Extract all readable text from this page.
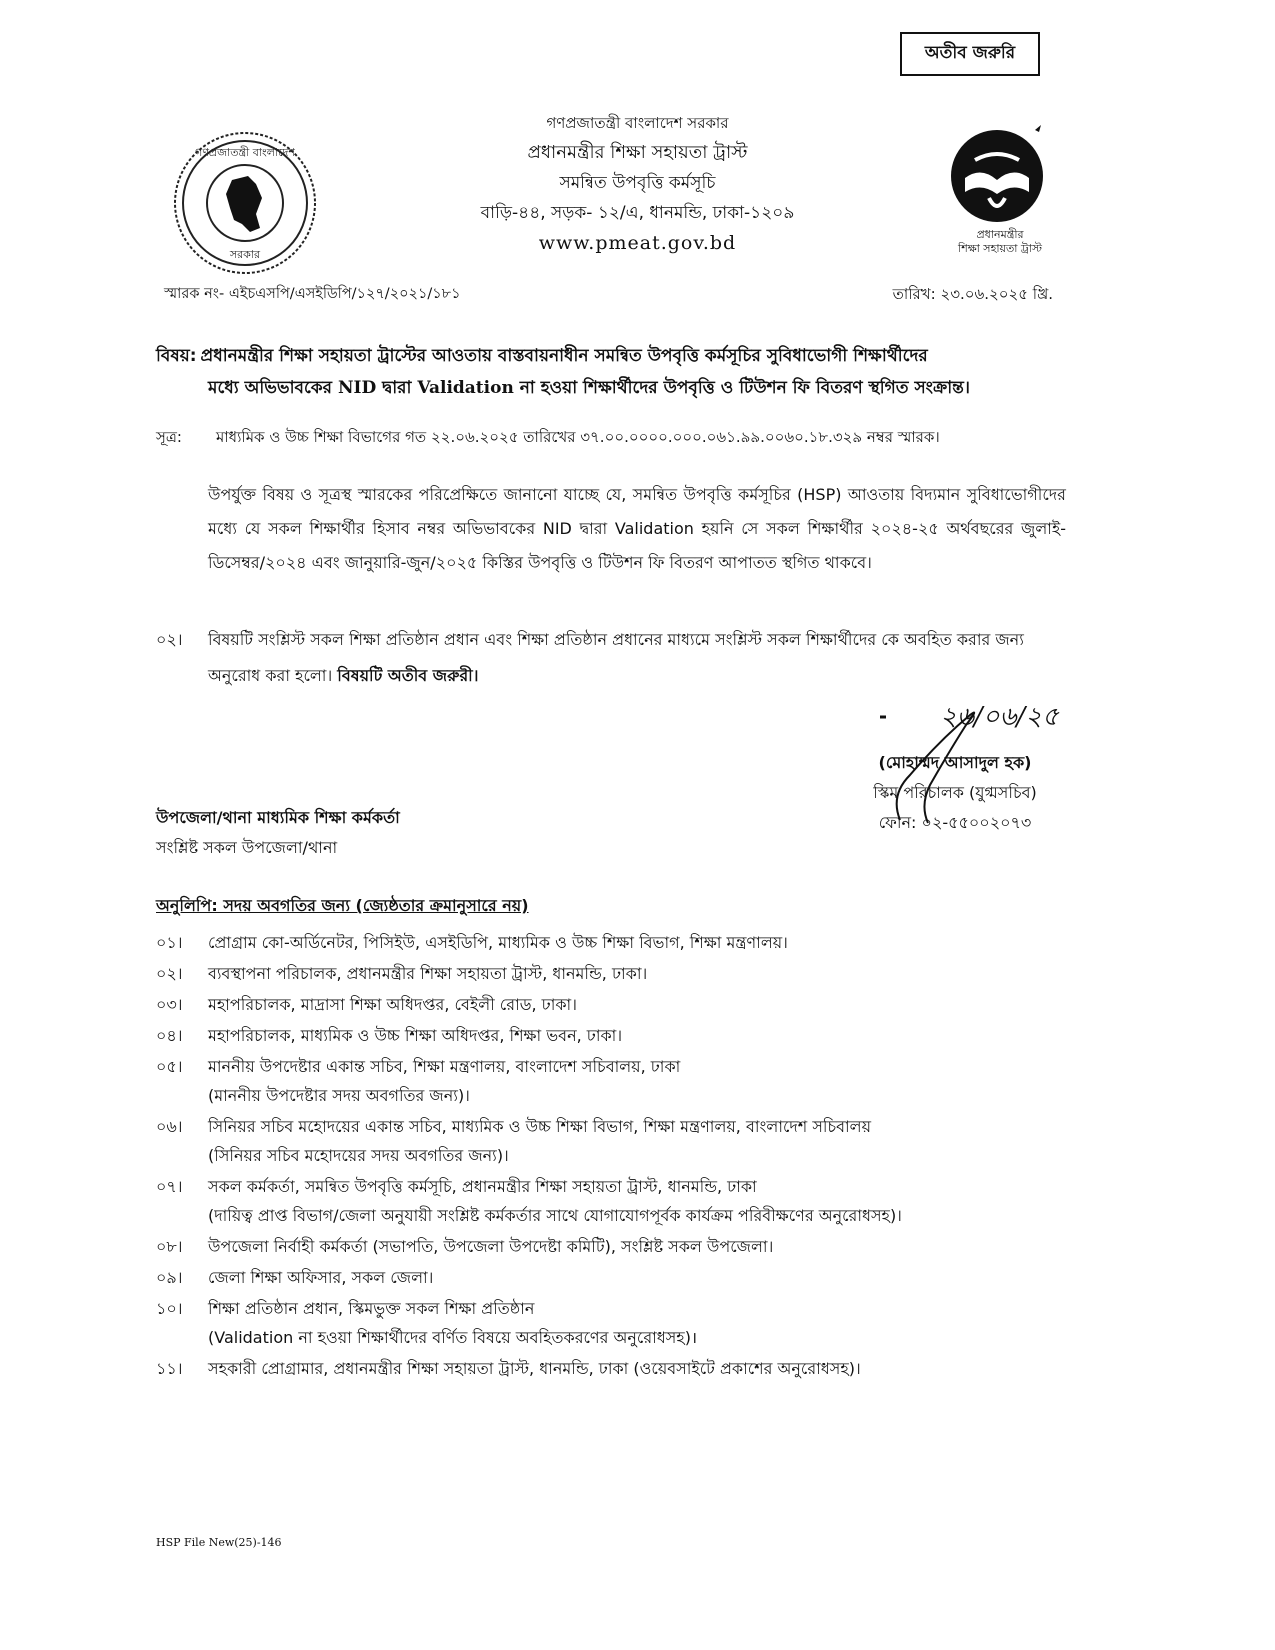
অতীব জরুরি
গণপ্রজাতন্ত্রী বাংলাদেশ
সরকার
গণপ্রজাতন্ত্রী বাংলাদেশ সরকার
প্রধানমন্ত্রীর শিক্ষা সহায়তা ট্রাস্ট
সমন্বিত উপবৃত্তি কর্মসূচি
বাড়ি-৪৪, সড়ক- ১২/এ, ধানমন্ডি, ঢাকা-১২০৯
www.pmeat.gov.bd	প্রধানমন্ত্রীর
শিক্ষা সহায়তা ট্রাস্ট
স্মারক নং- এইচএসপি/এসইডিপি/১২৭/২০২১/১৮১	তারিখ: ২৩.০৬.২০২৫ খ্রি.
বিষয়: প্রধানমন্ত্রীর শিক্ষা সহায়তা ট্রাস্টের আওতায় বাস্তবায়নাধীন সমন্বিত উপবৃত্তি কর্মসূচির সুবিধাভোগী শিক্ষার্থীদের
মধ্যে অভিভাবকের NID দ্বারা Validation না হওয়া শিক্ষার্থীদের উপবৃত্তি ও টিউশন ফি বিতরণ স্থগিত সংক্রান্ত।
সূত্র: মাধ্যমিক ও উচ্চ শিক্ষা বিভাগের গত ২২.০৬.২০২৫ তারিখের ৩৭.০০.০০০০.০০০.০৬১.৯৯.০০৬০.১৮.৩২৯ নম্বর স্মারক।
উপর্যুক্ত বিষয় ও সূত্রস্থ স্মারকের পরিপ্রেক্ষিতে জানানো যাচ্ছে যে, সমন্বিত উপবৃত্তি কর্মসূচির (HSP) আওতায় বিদ্যমান সুবিধাভোগীদের মধ্যে যে সকল শিক্ষার্থীর হিসাব নম্বর অভিভাবকের NID দ্বারা Validation হয়নি সে সকল শিক্ষার্থীর ২০২৪-২৫ অর্থবছরের জুলাই-ডিসেম্বর/২০২৪ এবং জানুয়ারি-জুন/২০২৫ কিস্তির উপবৃত্তি ও টিউশন ফি বিতরণ আপাতত স্থগিত থাকবে।
০২। বিষয়টি সংশ্লিস্ট সকল শিক্ষা প্রতিষ্ঠান প্রধান এবং শিক্ষা প্রতিষ্ঠান প্রধানের মাধ্যমে সংশ্লিস্ট সকল শিক্ষার্থীদের কে অবহিত করার জন্য অনুরোধ করা হলো। বিষয়টি অতীব জরুরী।
২৬/০৬/২৫
(মোহাম্মদ আসাদুল হক)
স্কিম পরিচালক (যুগ্মসচিব)
ফোন: ০২-৫৫০০২০৭৩
উপজেলা/থানা মাধ্যমিক শিক্ষা কর্মকর্তা
সংশ্লিষ্ট সকল উপজেলা/থানা
অনুলিপি: সদয় অবগতির জন্য (জ্যেষ্ঠতার ক্রমানুসারে নয়)
০১।	প্রোগ্রাম কো-অর্ডিনেটর, পিসিইউ, এসইডিপি, মাধ্যমিক ও উচ্চ শিক্ষা বিভাগ, শিক্ষা মন্ত্রণালয়।
০২।	ব্যবস্থাপনা পরিচালক, প্রধানমন্ত্রীর শিক্ষা সহায়তা ট্রাস্ট, ধানমন্ডি, ঢাকা।
০৩।	মহাপরিচালক, মাদ্রাসা শিক্ষা অধিদপ্তর, বেইলী রোড, ঢাকা।
০৪।	মহাপরিচালক, মাধ্যমিক ও উচ্চ শিক্ষা অধিদপ্তর, শিক্ষা ভবন, ঢাকা।
০৫।	মাননীয় উপদেষ্টার একান্ত সচিব, শিক্ষা মন্ত্রণালয়, বাংলাদেশ সচিবালয়, ঢাকা
(মাননীয় উপদেষ্টার সদয় অবগতির জন্য)।
০৬।	সিনিয়র সচিব মহোদয়ের একান্ত সচিব, মাধ্যমিক ও উচ্চ শিক্ষা বিভাগ, শিক্ষা মন্ত্রণালয়, বাংলাদেশ সচিবালয়
(সিনিয়র সচিব মহোদয়ের সদয় অবগতির জন্য)।
০৭।	সকল কর্মকর্তা, সমন্বিত উপবৃত্তি কর্মসূচি, প্রধানমন্ত্রীর শিক্ষা সহায়তা ট্রাস্ট, ধানমন্ডি, ঢাকা
(দায়িত্ব প্রাপ্ত বিভাগ/জেলা অনুযায়ী সংশ্লিষ্ট কর্মকর্তার সাথে যোগাযোগপূর্বক কার্যক্রম পরিবীক্ষণের অনুরোধসহ)।
০৮।	উপজেলা নির্বাহী কর্মকর্তা (সভাপতি, উপজেলা উপদেষ্টা কমিটি), সংশ্লিষ্ট সকল উপজেলা।
০৯।	জেলা শিক্ষা অফিসার, সকল জেলা।
১০।	শিক্ষা প্রতিষ্ঠান প্রধান, স্কিমভুক্ত সকল শিক্ষা প্রতিষ্ঠান
(Validation না হওয়া শিক্ষার্থীদের বর্ণিত বিষয়ে অবহিতকরণের অনুরোধসহ)।
১১।	সহকারী প্রোগ্রামার, প্রধানমন্ত্রীর শিক্ষা সহায়তা ট্রাস্ট, ধানমন্ডি, ঢাকা (ওয়েবসাইটে প্রকাশের অনুরোধসহ)।
HSP File New(25)-146
